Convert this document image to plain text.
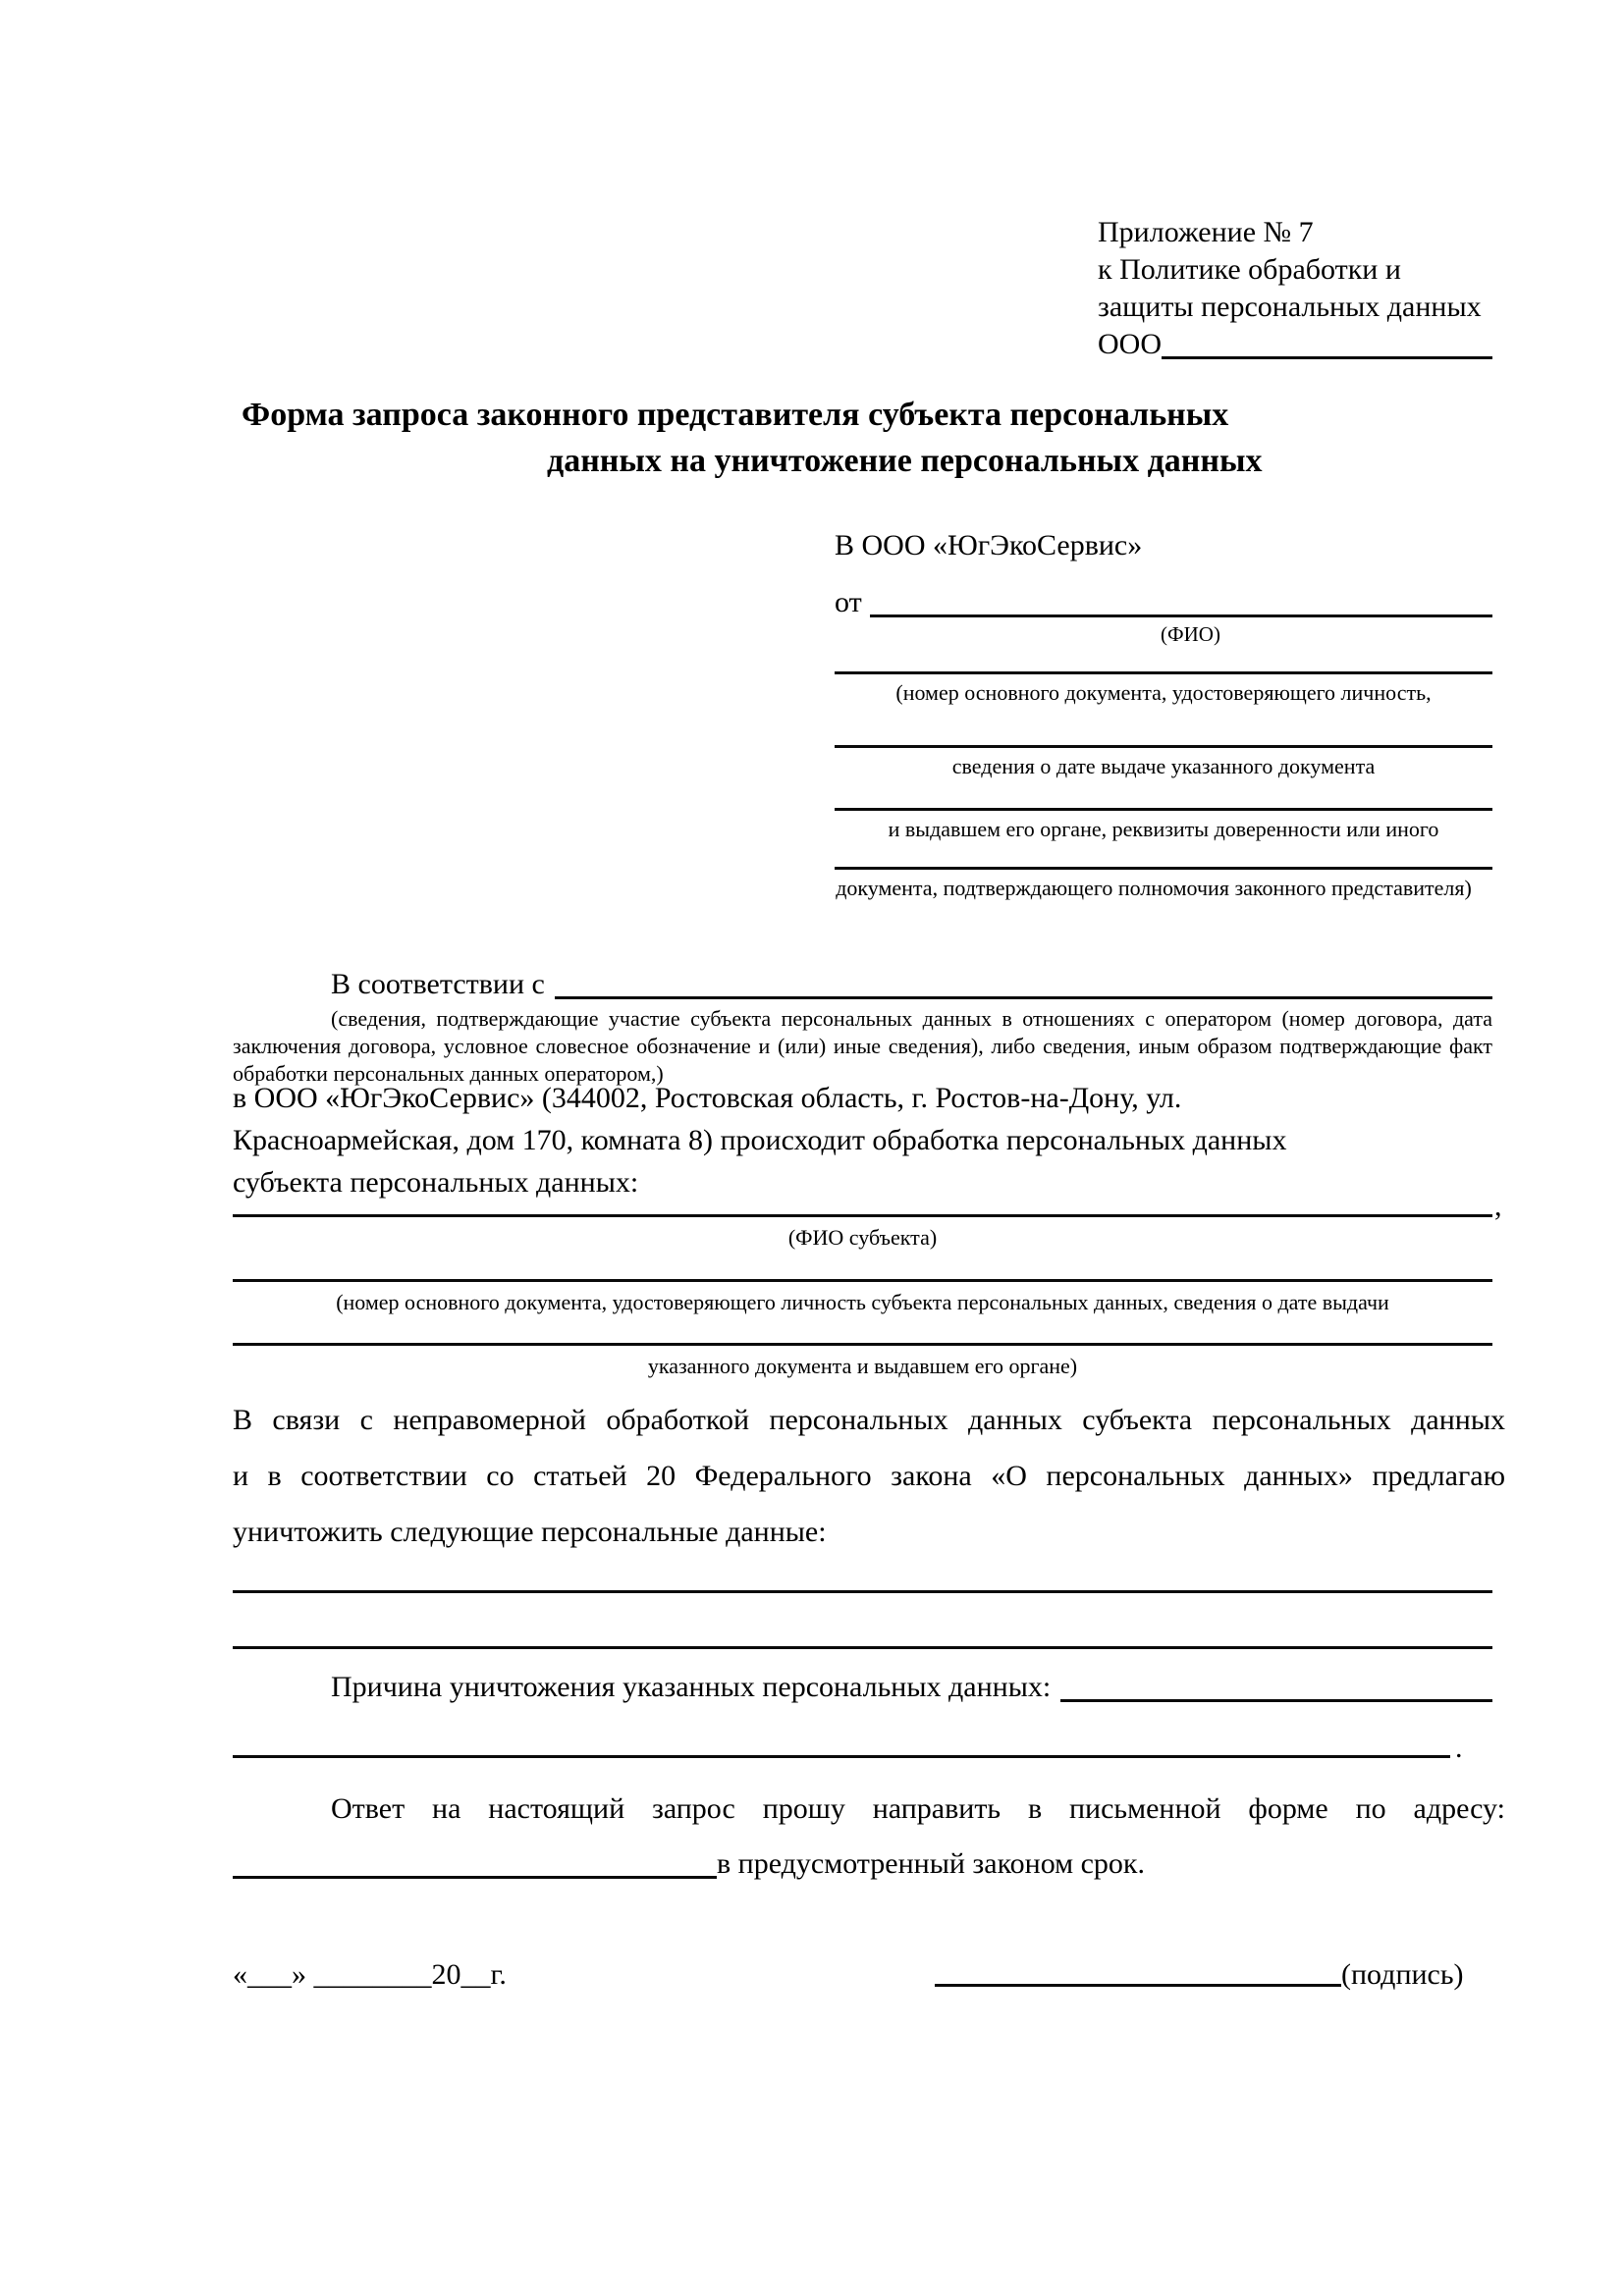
Приложение № 7
к Политике обработки и
защиты персональных данных
ООО
Форма запроса законного представителя субъекта персональных
данных на уничтожение персональных данных
В ООО «ЮгЭкоСервис»
от
(ФИО)
(номер основного документа, удостоверяющего личность,
сведения о дате выдаче указанного документа
и выдавшем его органе, реквизиты доверенности или иного
документа, подтверждающего полномочия законного представителя)
В соответствии с
(сведения, подтверждающие участие субъекта персональных данных в отношениях с оператором (номер договора, дата
заключения договора, условное словесное обозначение и (или) иные сведения), либо сведения, иным образом подтверждающие факт
обработки персональных данных оператором,)
в ООО «ЮгЭкоСервис» (344002, Ростовская область, г. Ростов-на-Дону, ул.
Красноармейская, дом 170, комната 8) происходит обработка персональных данных
субъекта персональных данных:
,
(ФИО субъекта)
(номер основного документа, удостоверяющего личность субъекта персональных данных, сведения о дате выдачи
указанного документа и выдавшем его органе)
В связи с неправомерной обработкой персональных данных субъекта персональных данных
и в соответствии со статьей 20 Федерального закона «О персональных данных» предлагаю
уничтожить следующие персональные данные:
Причина уничтожения указанных персональных данных:
.
Ответ на настоящий запрос прошу направить в письменной форме по адресу:
в предусмотренный законом срок.
«___» ________20__г.	(подпись)
